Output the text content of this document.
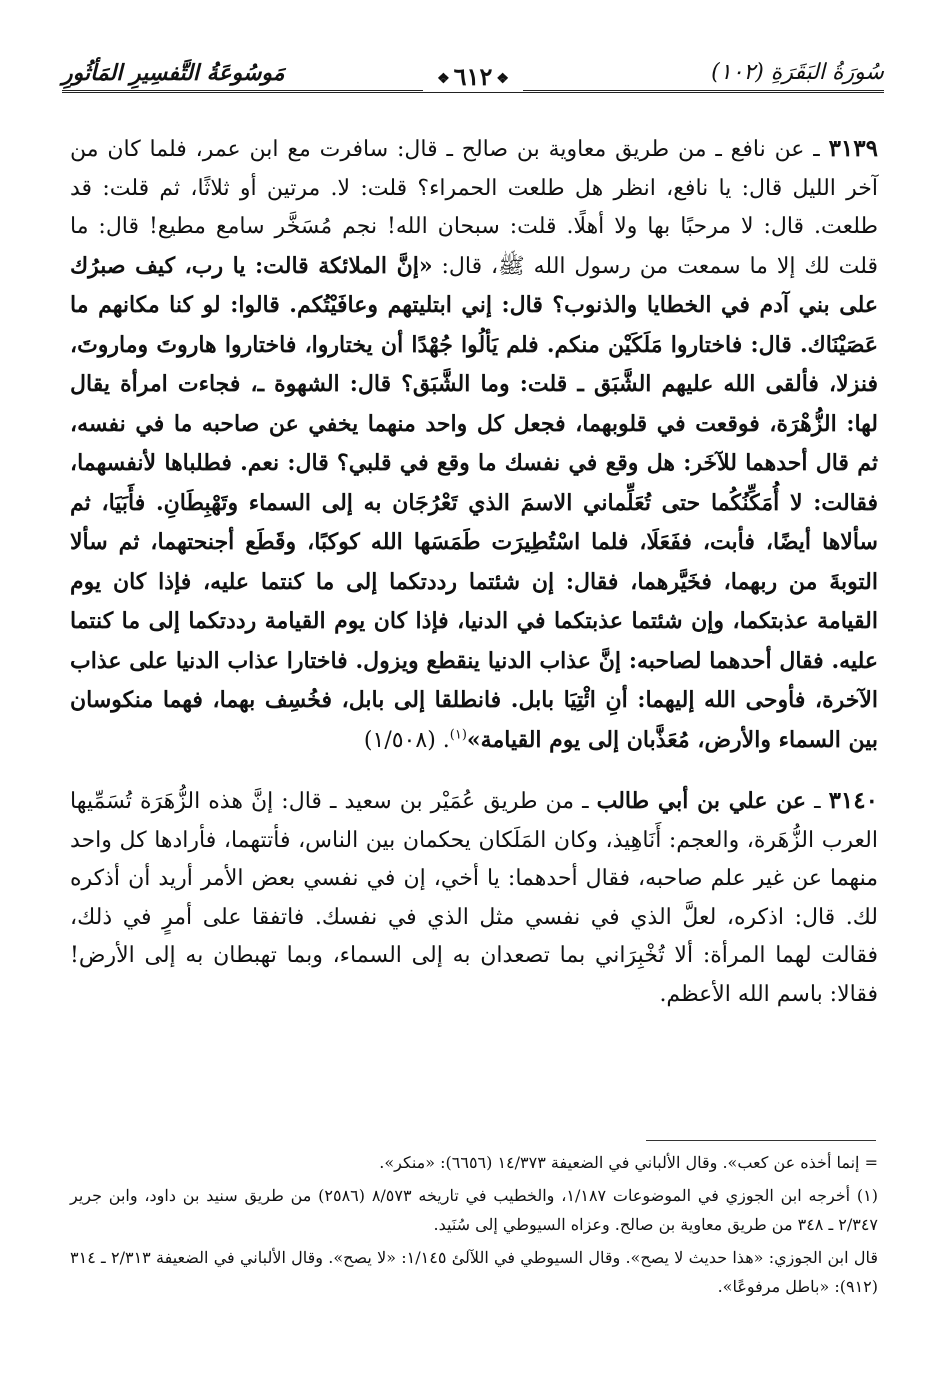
سُورَةُ البَقَرَةِ (١٠٢)
❖٦١٢❖
مَوسُوعَةُ التَّفسِيرِ المَأثُورِ

٣١٣٩ ـ عن نافع ـ من طريق معاوية بن صالح ـ قال: سافرت مع ابن عمر، فلما كان من آخر الليل قال: يا نافع، انظر هل طلعت الحمراء؟ قلت: لا. مرتين أو ثلاثًا، ثم قلت: قد طلعت. قال: لا مرحبًا بها ولا أهلًا. قلت: سبحان الله! نجم مُسَخَّر سامع مطيع! قال: ما قلت لك إلا ما سمعت من رسول الله ﷺ، قال: «إنَّ الملائكة قالت: يا رب، كيف صبرُك على بني آدم في الخطايا والذنوب؟ قال: إني ابتليتهم وعافَيْتُكم. قالوا: لو كنا مكانهم ما عَصَيْنَاك. قال: فاختاروا مَلَكَيْن منكم. فلم يَألُوا جُهْدًا أن يختاروا، فاختاروا هاروتَ وماروتَ، فنزلا، فألقى الله عليهم الشَّبَق ـ قلت: وما الشَّبَق؟ قال: الشهوة ـ، فجاءت امرأة يقال لها: الزُّهْرَة، فوقعت في قلوبهما، فجعل كل واحد منهما يخفي عن صاحبه ما في نفسه، ثم قال أحدهما للآخَر: هل وقع في نفسك ما وقع في قلبي؟ قال: نعم. فطلباها لأنفسهما، فقالت: لا أُمَكِّنُكُما حتى تُعَلِّماني الاسمَ الذي تَعْرُجَان به إلى السماء وتَهْبِطَانِ. فأَبَيَا، ثم سألاها أيضًا، فأبت، ففَعَلَا، فلما اسْتُطِيرَت طَمَسَها الله كوكبًا، وقَطَع أجنحتهما، ثم سألا التوبةَ من ربهما، فخَيَّرهما، فقال: إن شئتما رددتكما إلى ما كنتما عليه، فإذا كان يوم القيامة عذبتكما، وإن شئتما عذبتكما في الدنيا، فإذا كان يوم القيامة رددتكما إلى ما كنتما عليه. فقال أحدهما لصاحبه: إنَّ عذاب الدنيا ينقطع ويزول. فاختارا عذاب الدنيا على عذاب الآخرة، فأوحى الله إليهما: أنِ ائْتِيَا بابل. فانطلقا إلى بابل، فخُسِف بهما، فهما منكوسان بين السماء والأرض، مُعَذَّبان إلى يوم القيامة»$^{(١)}$. (١/٥٠٨)

٣١٤٠ ـ عن علي بن أبي طالب ـ من طريق عُمَيْر بن سعيد ـ قال: إنَّ هذه الزُّهَرَة تُسَمِّيها العرب الزُّهَرة، والعجم: أَنَاهِيذ، وكان المَلَكان يحكمان بين الناس، فأتتهما، فأرادها كل واحد منهما عن غير علم صاحبه، فقال أحدهما: يا أخي، إن في نفسي بعض الأمر أريد أن أذكره لك. قال: اذكره، لعلَّ الذي في نفسي مثل الذي في نفسك. فاتفقا على أمرٍ في ذلك، فقالت لهما المرأة: ألا تُخْبِرَاني بما تصعدان به إلى السماء، وبما تهبطان به إلى الأرض! فقالا: باسم الله الأعظم.

= إنما أخذه عن كعب». وقال الألباني في الضعيفة ١٤/٣٧٣ (٦٦٥٦): «منكر».

(١) أخرجه ابن الجوزي في الموضوعات ١/١٨٧، والخطيب في تاريخه ٨/٥٧٣ (٢٥٨٦) من طريق سنيد بن داود، وابن جرير ٢/٣٤٧ ـ ٣٤٨ من طريق معاوية بن صالح. وعزاه السيوطي إلى سُنَيد.

قال ابن الجوزي: «هذا حديث لا يصح». وقال السيوطي في اللآلئ ١/١٤٥: «لا يصح». وقال الألباني في الضعيفة ٢/٣١٣ ـ ٣١٤ (٩١٢): «باطل مرفوعًا».
